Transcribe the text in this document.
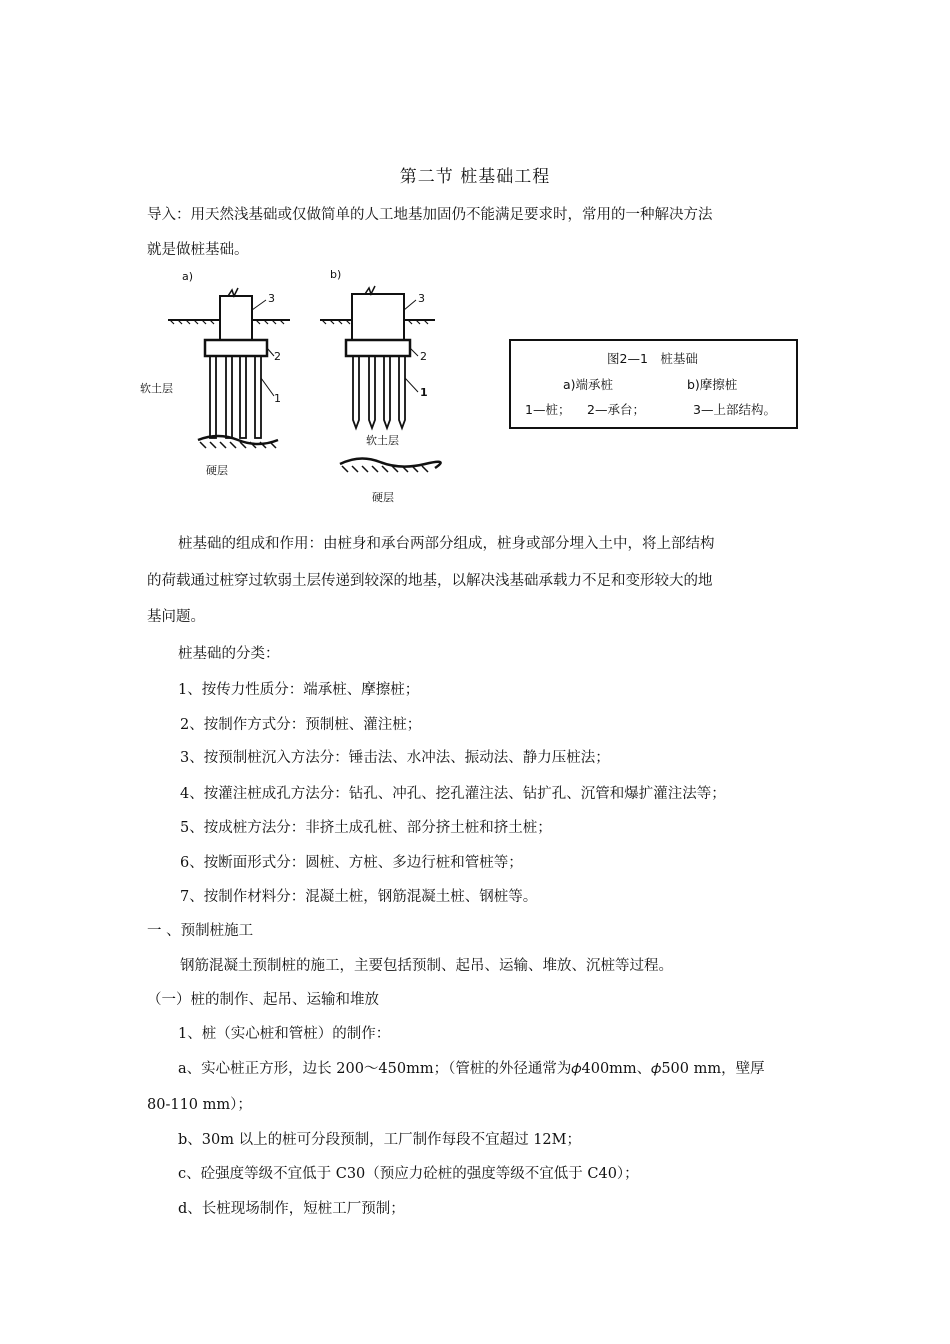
第二节 桩基础工程
导入：用天然浅基础或仅做简单的人工地基加固仍不能满足要求时，常用的一种解决方法
就是做桩基础。
a)	b)
3
2
1
3
2
1
软土层
硬层
软土层
硬层
图2—1　桩基础
a)端承桩	b)摩擦桩
1—桩； 2—承台；	3—上部结构。
桩基础的组成和作用：由桩身和承台两部分组成，桩身或部分埋入土中，将上部结构
的荷载通过桩穿过软弱土层传递到较深的地基，以解决浅基础承载力不足和变形较大的地
基问题。
桩基础的分类：
1、按传力性质分：端承桩、摩擦桩；
2、按制作方式分：预制桩、灌注桩；
3、按预制桩沉入方法分：锤击法、水冲法、振动法、静力压桩法；
4、按灌注桩成孔方法分：钻孔、冲孔、挖孔灌注法、钻扩孔、沉管和爆扩灌注法等；
5、按成桩方法分：非挤土成孔桩、部分挤土桩和挤土桩；
6、按断面形式分：圆桩、方桩、多边行桩和管桩等；
7、按制作材料分：混凝土桩，钢筋混凝土桩、钢桩等。
一 、预制桩施工
钢筋混凝土预制桩的施工，主要包括预制、起吊、运输、堆放、沉桩等过程。
（一）桩的制作、起吊、运输和堆放
1、桩（实心桩和管桩）的制作：
a、实心桩正方形，边长 200～450mm；（管桩的外径通常为𝜙400mm、𝜙500 mm，壁厚
80-110 mm）；
b、30m 以上的桩可分段预制，工厂制作每段不宜超过 12M；
c、砼强度等级不宜低于 C30（预应力砼桩的强度等级不宜低于 C40）；
d、长桩现场制作，短桩工厂预制；
